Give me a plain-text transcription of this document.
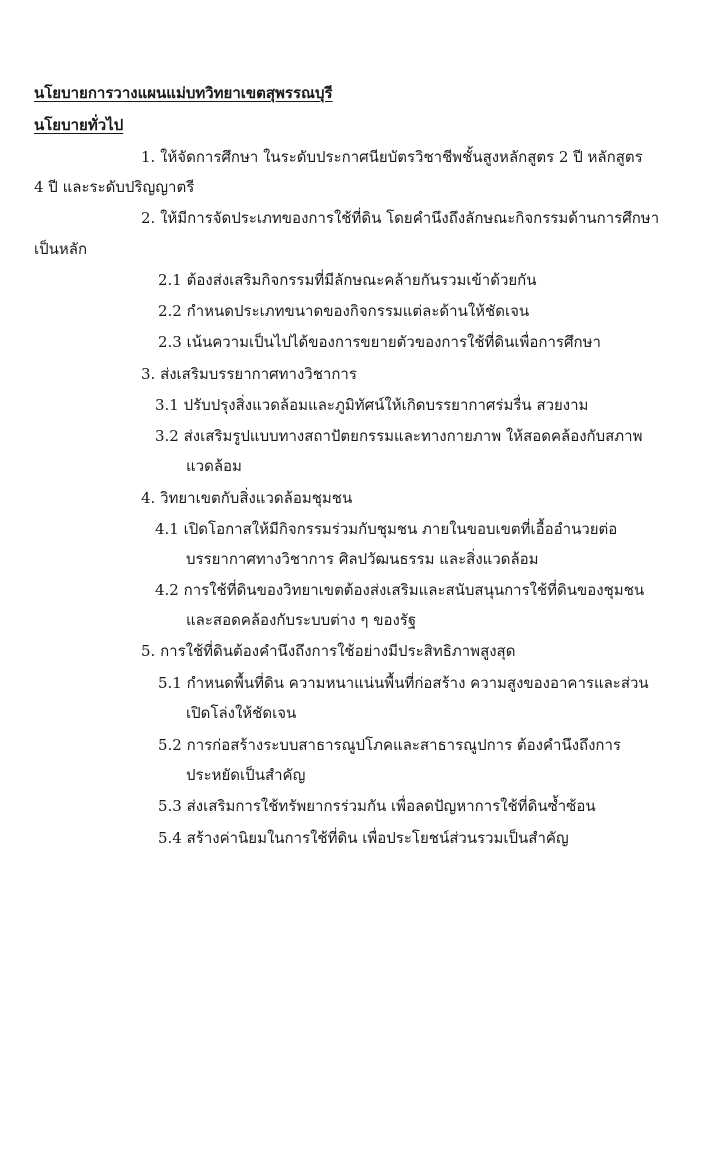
นโยบายการวางแผนแม่บทวิทยาเขตสุพรรณบุรี
นโยบายทั่วไป
1. ให้จัดการศึกษา ในระดับประกาศนียบัตรวิชาชีพชั้นสูงหลักสูตร 2 ปี หลักสูตร
4 ปี และระดับปริญญาตรี
2. ให้มีการจัดประเภทของการใช้ที่ดิน โดยคำนึงถึงลักษณะกิจกรรมด้านการศึกษา
เป็นหลัก
2.1 ต้องส่งเสริมกิจกรรมที่มีลักษณะคล้ายกันรวมเข้าด้วยกัน
2.2 กำหนดประเภทขนาดของกิจกรรมแต่ละด้านให้ชัดเจน
2.3 เน้นความเป็นไปได้ของการขยายตัวของการใช้ที่ดินเพื่อการศึกษา
3. ส่งเสริมบรรยากาศทางวิชาการ
3.1 ปรับปรุงสิ่งแวดล้อมและภูมิทัศน์ให้เกิดบรรยากาศร่มรื่น สวยงาม
3.2 ส่งเสริมรูปแบบทางสถาปัตยกรรมและทางกายภาพ ให้สอดคล้องกับสภาพ
แวดล้อม
4. วิทยาเขตกับสิ่งแวดล้อมชุมชน
4.1 เปิดโอกาสให้มีกิจกรรมร่วมกับชุมชน ภายในขอบเขตที่เอื้ออำนวยต่อ
บรรยากาศทางวิชาการ ศิลปวัฒนธรรม และสิ่งแวดล้อม
4.2 การใช้ที่ดินของวิทยาเขตต้องส่งเสริมและสนับสนุนการใช้ที่ดินของชุมชน
และสอดคล้องกับระบบต่าง ๆ ของรัฐ
5. การใช้ที่ดินต้องคำนึงถึงการใช้อย่างมีประสิทธิภาพสูงสุด
5.1 กำหนดพื้นที่ดิน ความหนาแน่นพื้นที่ก่อสร้าง ความสูงของอาคารและส่วน
เปิดโล่งให้ชัดเจน
5.2 การก่อสร้างระบบสาธารณูปโภคและสาธารณูปการ ต้องคำนึงถึงการ
ประหยัดเป็นสำคัญ
5.3 ส่งเสริมการใช้ทรัพยากรร่วมกัน เพื่อลดปัญหาการใช้ที่ดินซ้ำซ้อน
5.4 สร้างค่านิยมในการใช้ที่ดิน เพื่อประโยชน์ส่วนรวมเป็นสำคัญ
